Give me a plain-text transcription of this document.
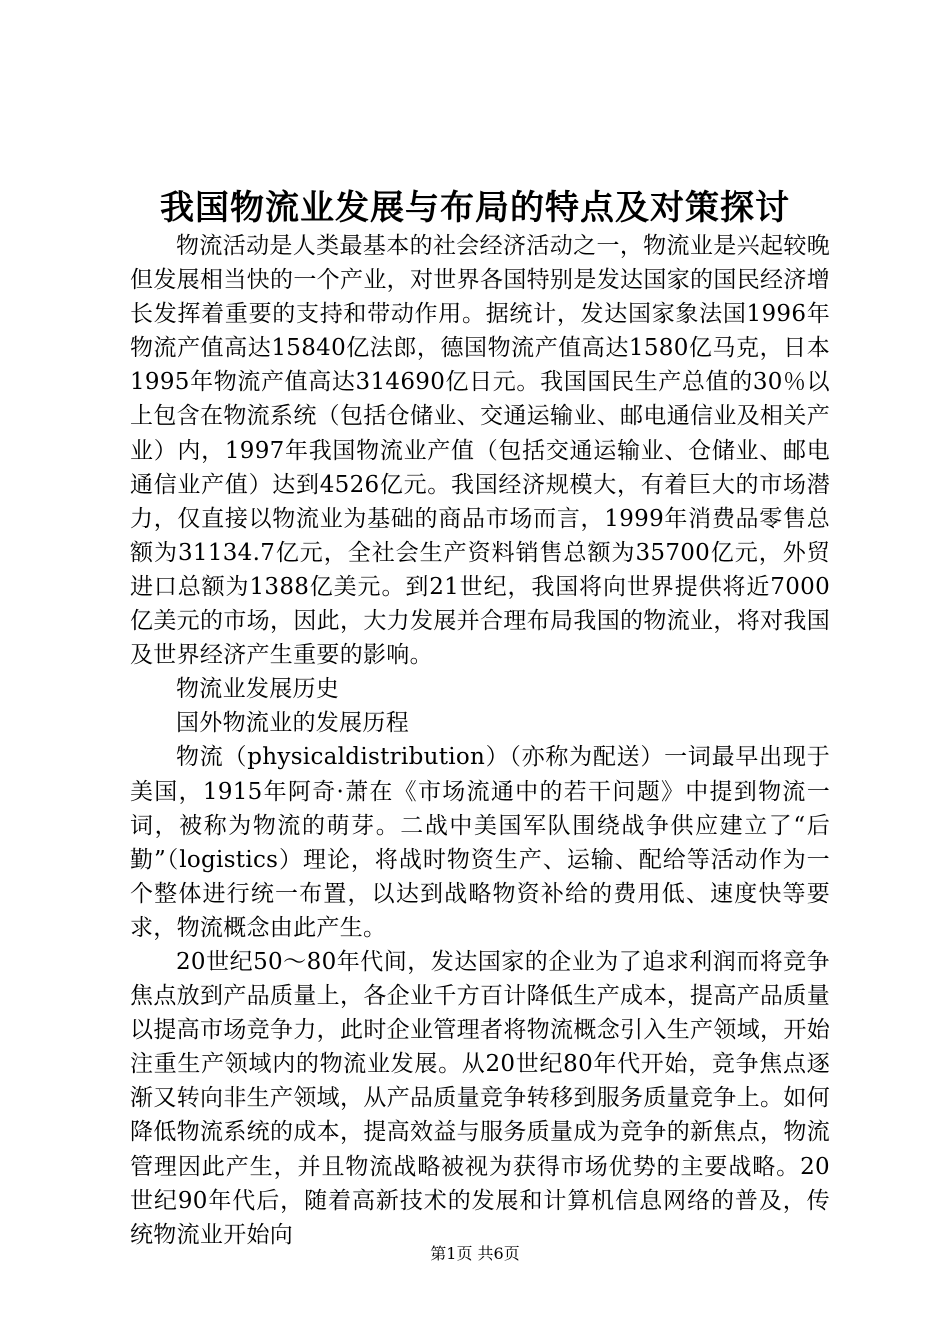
我国物流业发展与布局的特点及对策探讨

物流活动是人类最基本的社会经济活动之一，物流业是兴起较晚但发展相当快的一个产业，对世界各国特别是发达国家的国民经济增长发挥着重要的支持和带动作用。据统计，发达国家象法国1996年物流产值高达15840亿法郎，德国物流产值高达1580亿马克，日本1995年物流产值高达314690亿日元。我国国民生产总值的30％以上包含在物流系统（包括仓储业、交通运输业、邮电通信业及相关产业）内，1997年我国物流业产值（包括交通运输业、仓储业、邮电通信业产值）达到4526亿元。我国经济规模大，有着巨大的市场潜力，仅直接以物流业为基础的商品市场而言，1999年消费品零售总额为31134.7亿元，全社会生产资料销售总额为35700亿元，外贸进口总额为1388亿美元。到21世纪，我国将向世界提供将近7000亿美元的市场，因此，大力发展并合理布局我国的物流业，将对我国及世界经济产生重要的影响。

物流业发展历史

国外物流业的发展历程

物流（physicaldistribution）（亦称为配送）一词最早出现于美国，1915年阿奇·萧在《市场流通中的若干问题》中提到物流一词，被称为物流的萌芽。二战中美国军队围绕战争供应建立了“后勤”（logistics）理论，将战时物资生产、运输、配给等活动作为一个整体进行统一布置，以达到战略物资补给的费用低、速度快等要求，物流概念由此产生。

20世纪50～80年代间，发达国家的企业为了追求利润而将竞争焦点放到产品质量上，各企业千方百计降低生产成本，提高产品质量以提高市场竞争力，此时企业管理者将物流概念引入生产领域，开始注重生产领域内的物流业发展。从20世纪80年代开始，竞争焦点逐渐又转向非生产领域，从产品质量竞争转移到服务质量竞争上。如何降低物流系统的成本，提高效益与服务质量成为竞争的新焦点，物流管理因此产生，并且物流战略被视为获得市场优势的主要战略。20世纪90年代后，随着高新技术的发展和计算机信息网络的普及，传统物流业开始向

第1页 共6页
